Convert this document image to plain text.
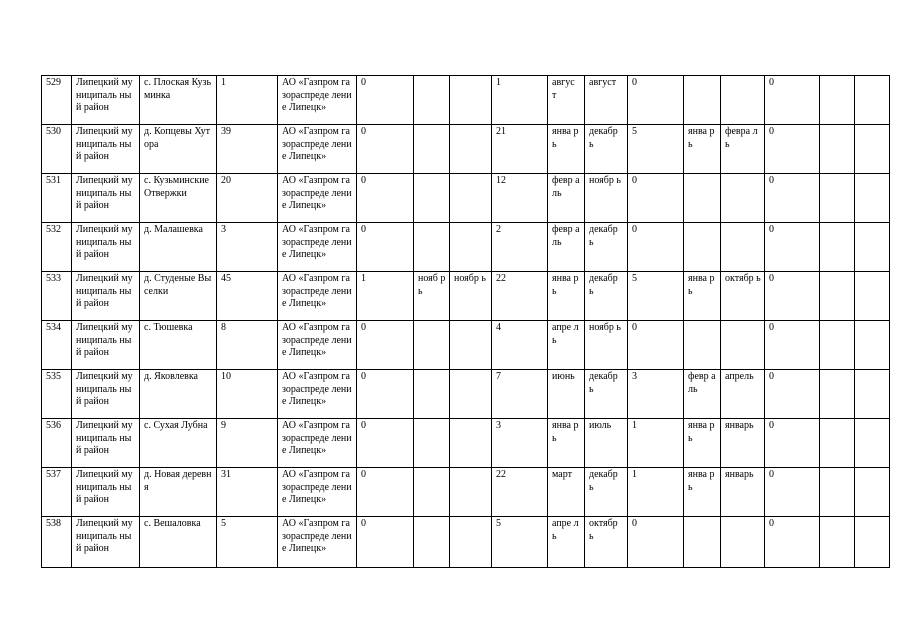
529	Липецкий муниципаль ный район	с. Плоская Кузьминка	1	АО «Газпром газораспреде ление Липецк»	0			1	авгус т	август	0			0		
530	Липецкий муниципаль ный район	д. Копцевы Хутора	39	АО «Газпром газораспреде ление Липецк»	0			21	янва рь	декабр ь	5	янва рь	февра ль	0		
531	Липецкий муниципаль ный район	с. Кузьминские Отвержки	20	АО «Газпром газораспреде ление Липецк»	0			12	февр аль	ноябр ь	0			0		
532	Липецкий муниципаль ный район	д. Малашевка	3	АО «Газпром газораспреде ление Липецк»	0			2	февр аль	декабр ь	0			0		
533	Липецкий муниципаль ный район	д. Студеные Выселки	45	АО «Газпром газораспреде ление Липецк»	1	нояб рь	ноябр ь	22	янва рь	декабр ь	5	янва рь	октябр ь	0		
534	Липецкий муниципаль ный район	с. Тюшевка	8	АО «Газпром газораспреде ление Липецк»	0			4	апре ль	ноябр ь	0			0		
535	Липецкий муниципаль ный район	д. Яковлевка	10	АО «Газпром газораспреде ление Липецк»	0			7	июнь	декабр ь	3	февр аль	апрель	0		
536	Липецкий муниципаль ный район	с. Сухая Лубна	9	АО «Газпром газораспреде ление Липецк»	0			3	янва рь	июль	1	янва рь	январь	0		
537	Липецкий муниципаль ный район	д. Новая деревня	31	АО «Газпром газораспреде ление Липецк»	0			22	март	декабр ь	1	янва рь	январь	0		
538	Липецкий муниципаль ный район	с. Вешаловка	5	АО «Газпром газораспреде ление Липецк»	0			5	апре ль	октябр ь	0			0		
